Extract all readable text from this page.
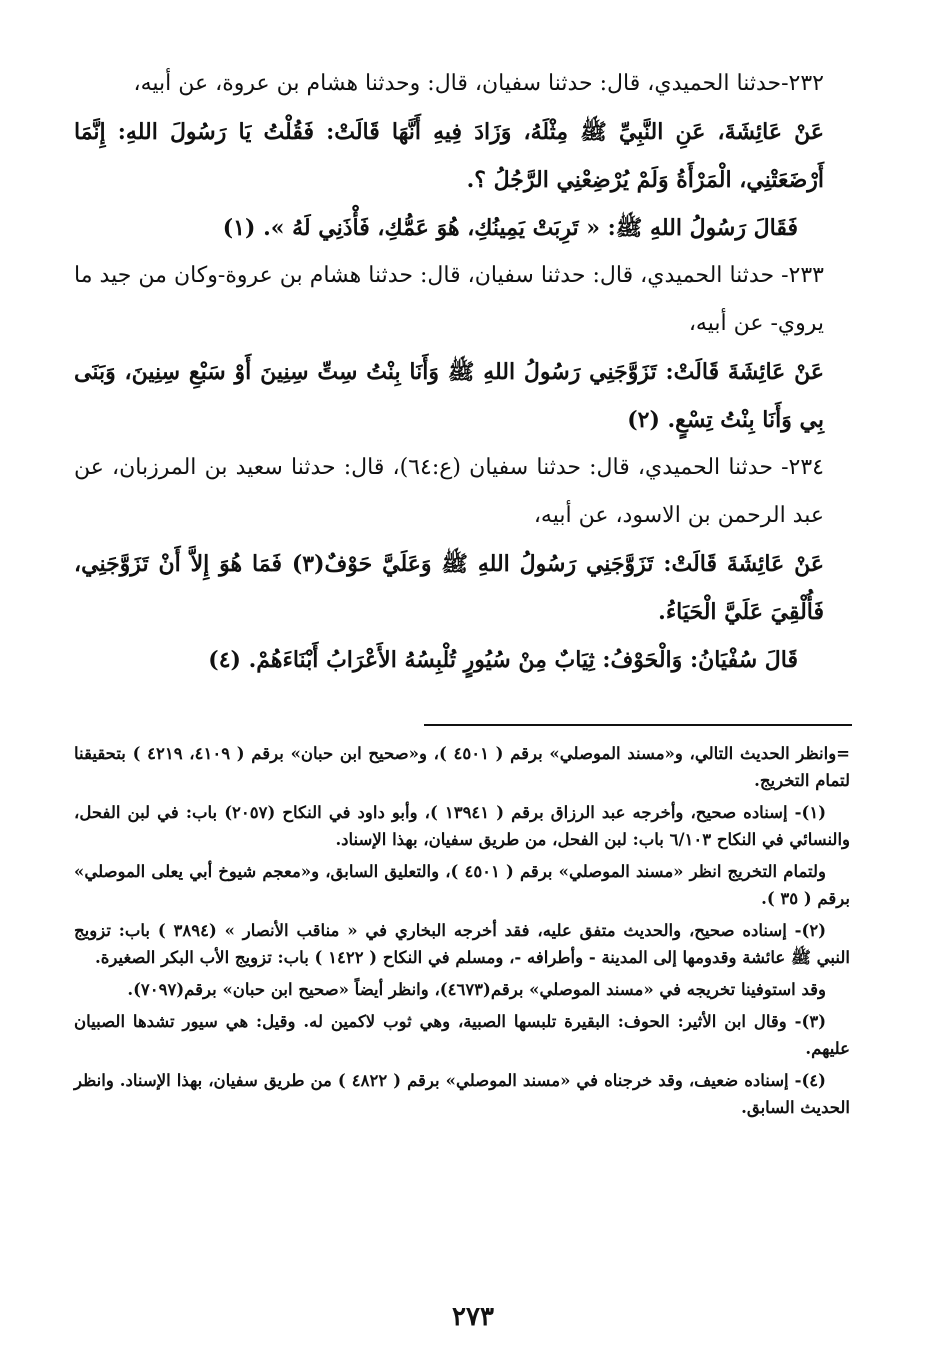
٢٣٢-حدثنا الحميدي، قال: حدثنا سفيان، قال: وحدثنا هشام بن عروة، عن أبيه،

عَنْ عَائِشَةَ، عَنِ النَّبِيِّ ﷺ مِثْلَهُ، وَزَادَ فِيهِ أَنَّهَا قَالَتْ: فَقُلْتُ يَا رَسُولَ اللهِ: إِنَّمَا أَرْضَعَتْنِي، الْمَرْأَةُ وَلَمْ يُرْضِعْنِي الرَّجُلُ ؟.

فَقَالَ رَسُولُ اللهِ ﷺ: « تَرِبَتْ يَمِينُكِ، هُوَ عَمُّكِ، فَأْذَنِي لَهُ ». (١)

٢٣٣- حدثنا الحميدي، قال: حدثنا سفيان، قال: حدثنا هشام بن عروة-وكان من جيد ما يروي- عن أبيه،

عَنْ عَائِشَةَ قَالَتْ: تَزَوَّجَنِي رَسُولُ اللهِ ﷺ وَأَنَا بِنْتُ سِتِّ سِنِينَ أَوْ سَبْعِ سِنِينَ، وَبَنَى بِي وَأَنَا بِنْتُ تِسْعٍ. (٢)

٢٣٤- حدثنا الحميدي، قال: حدثنا سفيان (ع:٦٤)، قال: حدثنا سعيد بن المرزبان، عن عبد الرحمن بن الاسود، عن أبيه،

عَنْ عَائِشَةَ قَالَتْ: تَزَوَّجَنِي رَسُولُ اللهِ ﷺ وَعَلَيَّ حَوْفٌ(٣) فَمَا هُوَ إِلاَّ أَنْ تَزَوَّجَنِي، فَأُلْقِيَ عَلَيَّ الْحَيَاءُ.

قَالَ سُفْيَانُ: وَالْحَوْفُ: ثِيَابٌ مِنْ سُيُورٍ تُلْبِسُهُ الأَعْرَابُ أَبْنَاءَهُمْ. (٤)

=وانظر الحديث التالي، و«مسند الموصلي» برقم ( ٤٥٠١ )، و«صحيح ابن حبان» برقم ( ٤١٠٩، ٤٢١٩ ) بتحقيقنا لتمام التخريج.

(١)- إسناده صحيح، وأخرجه عبد الرزاق برقم ( ١٣٩٤١ )، وأبو داود في النكاح (٢٠٥٧) باب: في لبن الفحل، والنسائي في النكاح ٦/١٠٣ باب: لبن الفحل، من طريق سفيان، بهذا الإسناد.

ولتمام التخريج انظر «مسند الموصلي» برقم ( ٤٥٠١ )، والتعليق السابق، و«معجم شيوخ أبي يعلى الموصلي» برقم ( ٣٥ ).

(٢)- إسناده صحيح، والحديث متفق عليه، فقد أخرجه البخاري في « مناقب الأنصار » (٣٨٩٤ ) باب: تزويج النبي ﷺ عائشة وقدومها إلى المدينة - وأطرافه -، ومسلم في النكاح ( ١٤٢٢ ) باب: تزويج الأب البكر الصغيرة.

وقد استوفينا تخريجه في «مسند الموصلي» برقم(٤٦٧٣)، وانظر أيضاً «صحيح ابن حبان» برقم(٧٠٩٧).

(٣)- وقال ابن الأثير: الحوف: البقيرة تلبسها الصبية، وهي ثوب لاكمين له. وقيل: هي سيور تشدها الصبيان عليهم.

(٤)- إسناده ضعيف، وقد خرجناه في «مسند الموصلي» برقم ( ٤٨٢٢ ) من طريق سفيان، بهذا الإسناد. وانظر الحديث السابق.

٢٧٣
